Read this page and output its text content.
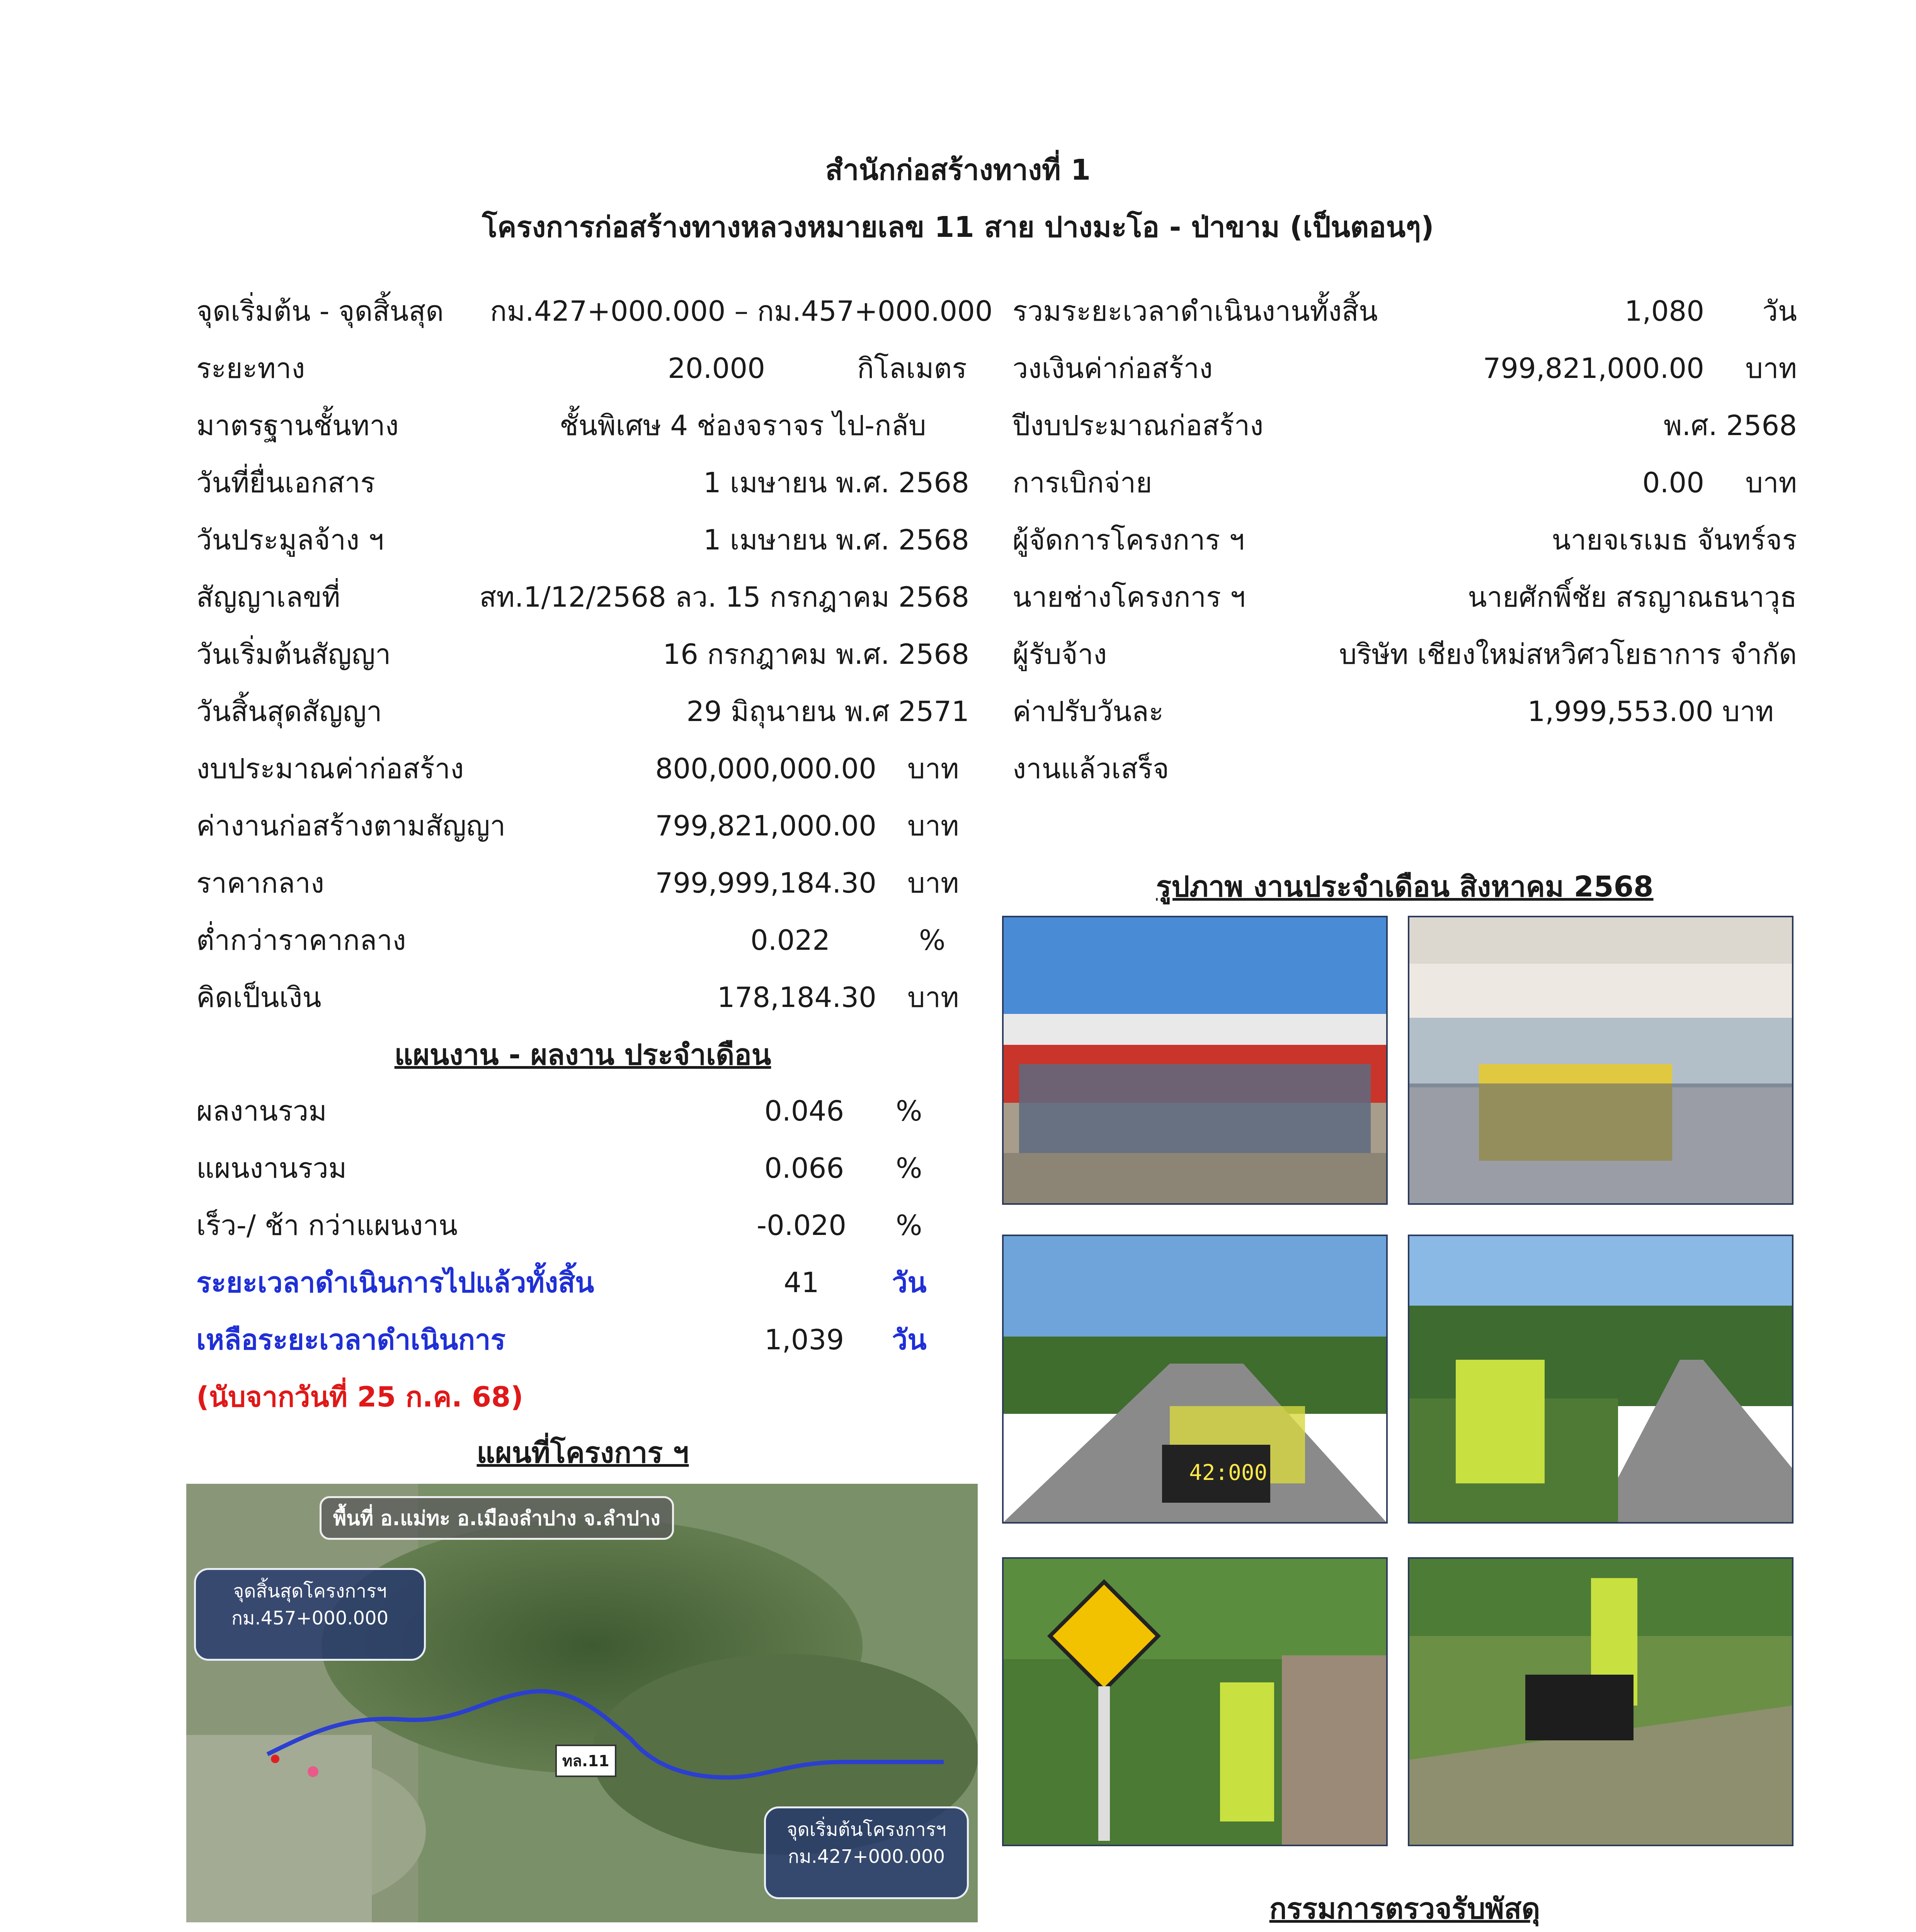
สำนักก่อสร้างทางที่ 1
โครงการก่อสร้างทางหลวงหมายเลข 11 สาย ปางมะโอ - ป่าขาม (เป็นตอนๆ)
จุดเริ่มต้น - จุดสิ้นสุด กม.427+000.000 – กม.457+000.000
ระยะทาง	20.000	กิโลเมตร
มาตรฐานชั้นทาง	ชั้นพิเศษ 4 ช่องจราจร ไป-กลับ
วันที่ยื่นเอกสาร	1 เมษายน พ.ศ. 2568
วันประมูลจ้าง ฯ	1 เมษายน พ.ศ. 2568
สัญญาเลขที่	สท.1/12/2568 ลว. 15 กรกฎาคม 2568
วันเริ่มต้นสัญญา	16 กรกฎาคม พ.ศ. 2568
วันสิ้นสุดสัญญา	29 มิถุนายน พ.ศ 2571
งบประมาณค่าก่อสร้าง	800,000,000.00 บาท
ค่างานก่อสร้างตามสัญญา	799,821,000.00 บาท
ราคากลาง	799,999,184.30 บาท
ต่ำกว่าราคากลาง	0.022	%
คิดเป็นเงิน	178,184.30 บาท
แผนงาน - ผลงาน ประจำเดือน
ผลงานรวม	0.046 %
แผนงานรวม	0.066 %
เร็ว-/ ช้า กว่าแผนงาน	-0.020 %
ระยะเวลาดำเนินการไปแล้วทั้งสิ้น	41	วัน
เหลือระยะเวลาดำเนินการ	1,039 วัน
(นับจากวันที่ 25 ก.ค. 68)
แผนที่โครงการ ฯ
พื้นที่ อ.แม่ทะ อ.เมืองลำปาง จ.ลำปาง
จุดสิ้นสุดโครงการฯ
กม.457+000.000
จุดเริ่มต้นโครงการฯ
กม.427+000.000
ทล.11
รวมระยะเวลาดำเนินงานทั้งสิ้น	1,080 วัน
วงเงินค่าก่อสร้าง	799,821,000.00 บาท
ปีงบประมาณก่อสร้าง	พ.ศ. 2568
การเบิกจ่าย	0.00 บาท
ผู้จัดการโครงการ ฯ	นายจเรเมธ จันทร์จร
นายช่างโครงการ ฯ	นายศักพิ์ชัย สรญาณธนาวุธ
ผู้รับจ้าง	บริษัท เชียงใหม่สหวิศวโยธาการ จำกัด
ค่าปรับวันละ	1,999,553.00 บาท
งานแล้วเสร็จ
รูปภาพ งานประจำเดือน สิงหาคม 2568
42:000
กรรมการตรวจรับพัสดุ
